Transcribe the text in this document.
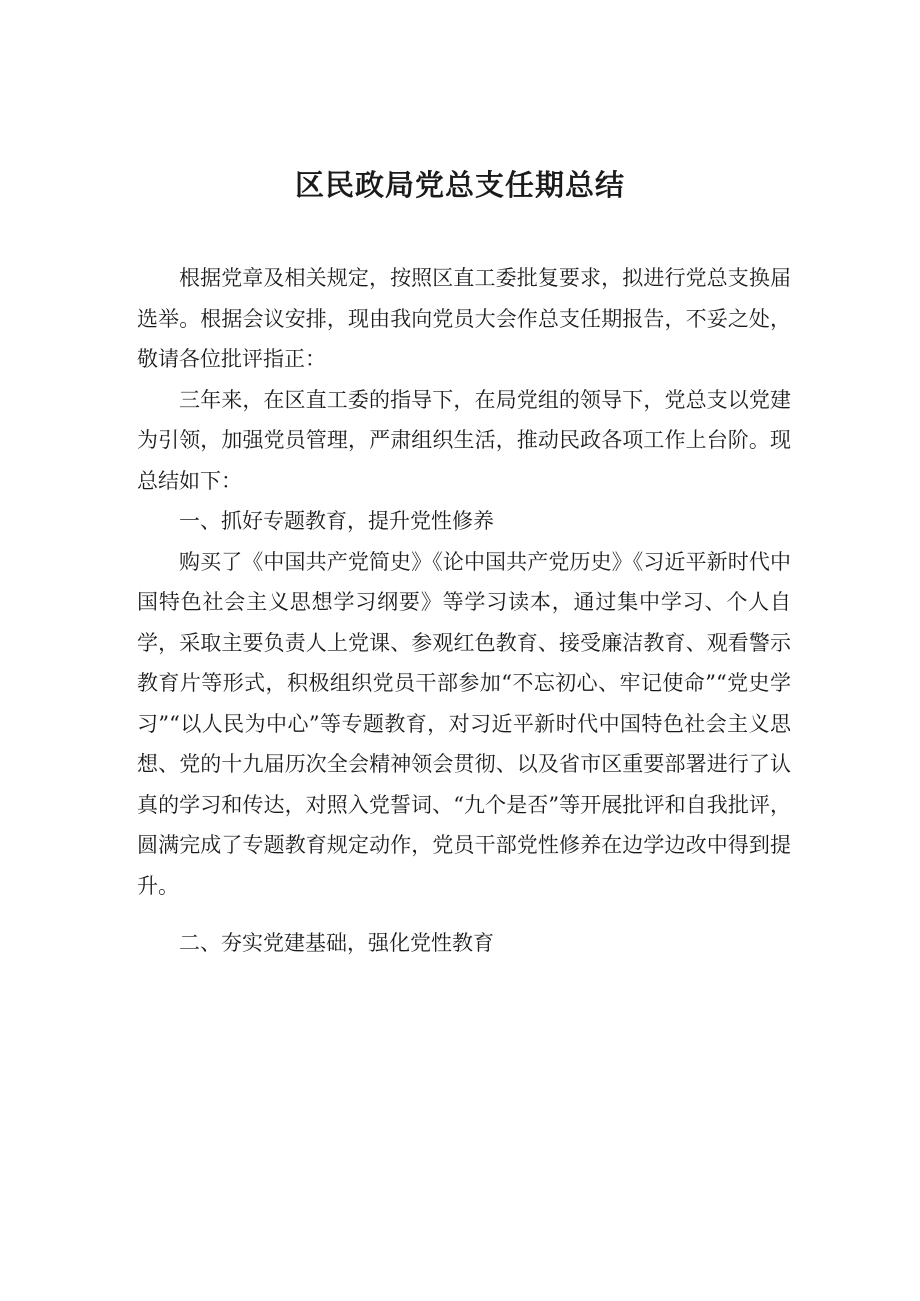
区民政局党总支任期总结

根据党章及相关规定，按照区直工委批复要求，拟进行党总支换届选举。根据会议安排，现由我向党员大会作总支任期报告，不妥之处，敬请各位批评指正：

三年来，在区直工委的指导下，在局党组的领导下，党总支以党建为引领，加强党员管理，严肃组织生活，推动民政各项工作上台阶。现总结如下：

一、抓好专题教育，提升党性修养

购买了《中国共产党简史》《论中国共产党历史》《习近平新时代中国特色社会主义思想学习纲要》等学习读本，通过集中学习、个人自学，采取主要负责人上党课、参观红色教育、接受廉洁教育、观看警示教育片等形式，积极组织党员干部参加“不忘初心、牢记使命”“党史学习”“以人民为中心”等专题教育，对习近平新时代中国特色社会主义思想、党的十九届历次全会精神领会贯彻、以及省市区重要部署进行了认真的学习和传达，对照入党誓词、“九个是否”等开展批评和自我批评，圆满完成了专题教育规定动作，党员干部党性修养在边学边改中得到提升。

二、夯实党建基础，强化党性教育
